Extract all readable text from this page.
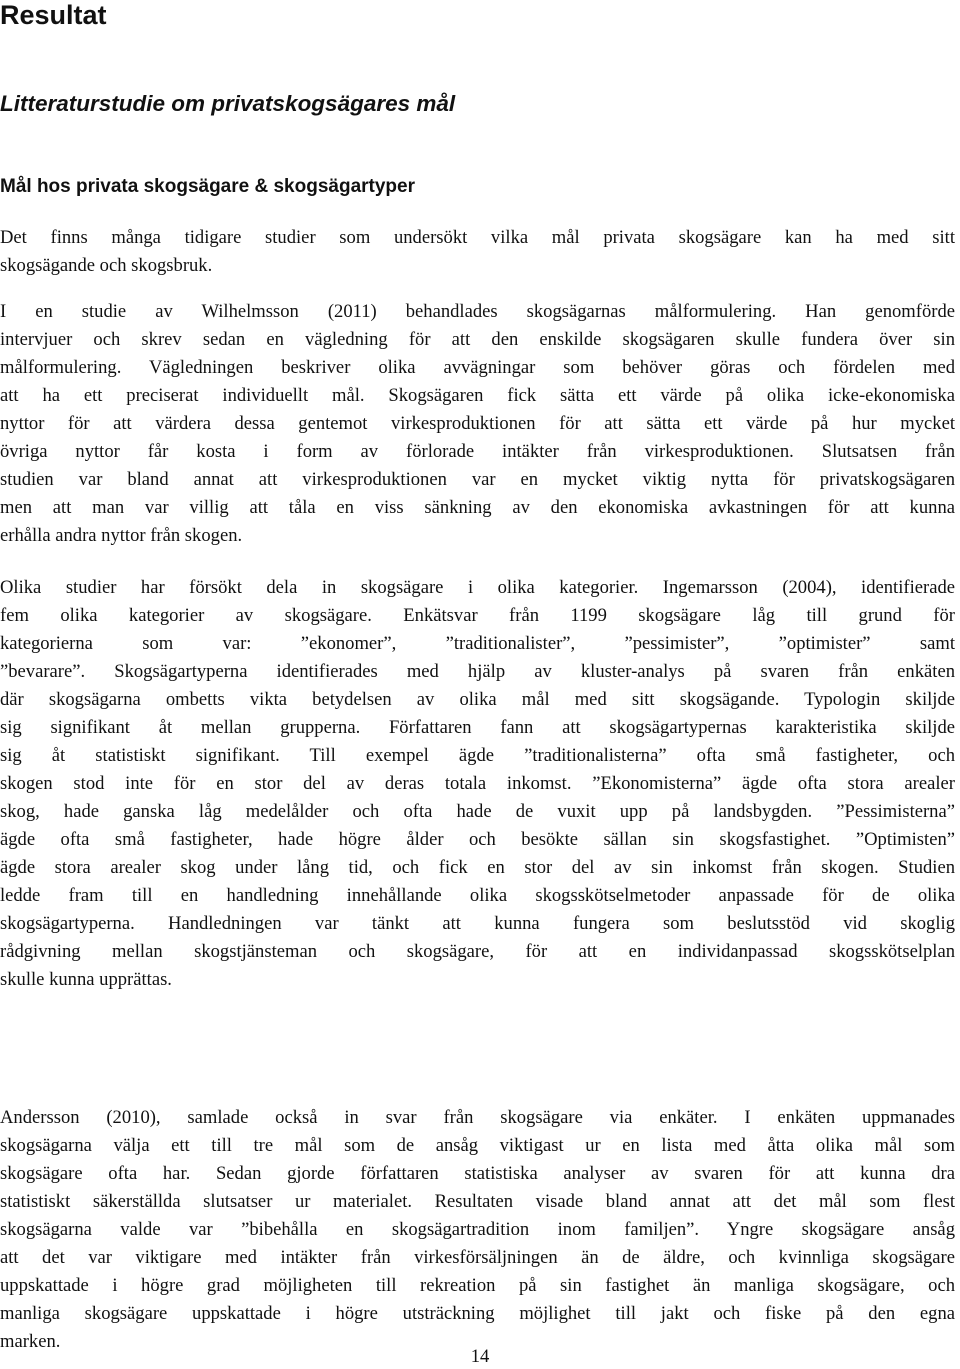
Resultat
Litteraturstudie om privatskogsägares mål
Mål hos privata skogsägare & skogsägartyper
Det finns många tidigare studier som undersökt vilka mål privata skogsägare kan ha med sitt
skogsägande och skogsbruk.
I en studie av Wilhelmsson (2011) behandlades skogsägarnas målformulering. Han genomförde
intervjuer och skrev sedan en vägledning för att den enskilde skogsägaren skulle fundera över sin
målformulering. Vägledningen beskriver olika avvägningar som behöver göras och fördelen med
att ha ett preciserat individuellt mål. Skogsägaren fick sätta ett värde på olika icke-ekonomiska
nyttor för att värdera dessa gentemot virkesproduktionen för att sätta ett värde på hur mycket
övriga nyttor får kosta i form av förlorade intäkter från virkesproduktionen. Slutsatsen från
studien var bland annat att virkesproduktionen var en mycket viktig nytta för privatskogsägaren
men att man var villig att tåla en viss sänkning av den ekonomiska avkastningen för att kunna
erhålla andra nyttor från skogen.
Olika studier har försökt dela in skogsägare i olika kategorier. Ingemarsson (2004), identifierade
fem olika kategorier av skogsägare. Enkätsvar från 1199 skogsägare låg till grund för
kategorierna som var: ”ekonomer”, ”traditionalister”, ”pessimister”, ”optimister” samt
”bevarare”. Skogsägartyperna identifierades med hjälp av kluster-analys på svaren från enkäten
där skogsägarna ombetts vikta betydelsen av olika mål med sitt skogsägande. Typologin skiljde
sig signifikant åt mellan grupperna. Författaren fann att skogsägartypernas karakteristika skiljde
sig åt statistiskt signifikant. Till exempel ägde ”traditionalisterna” ofta små fastigheter, och
skogen stod inte för en stor del av deras totala inkomst. ”Ekonomisterna” ägde ofta stora arealer
skog, hade ganska låg medelålder och ofta hade de vuxit upp på landsbygden. ”Pessimisterna”
ägde ofta små fastigheter, hade högre ålder och besökte sällan sin skogsfastighet. ”Optimisten”
ägde stora arealer skog under lång tid, och fick en stor del av sin inkomst från skogen. Studien
ledde fram till en handledning innehållande olika skogsskötselmetoder anpassade för de olika
skogsägartyperna. Handledningen var tänkt att kunna fungera som beslutsstöd vid skoglig
rådgivning mellan skogstjänsteman och skogsägare, för att en individanpassad skogsskötselplan
skulle kunna upprättas.
Andersson (2010), samlade också in svar från skogsägare via enkäter. I enkäten uppmanades
skogsägarna välja ett till tre mål som de ansåg viktigast ur en lista med åtta olika mål som
skogsägare ofta har. Sedan gjorde författaren statistiska analyser av svaren för att kunna dra
statistiskt säkerställda slutsatser ur materialet. Resultaten visade bland annat att det mål som flest
skogsägarna valde var ”bibehålla en skogsägartradition inom familjen”. Yngre skogsägare ansåg
att det var viktigare med intäkter från virkesförsäljningen än de äldre, och kvinnliga skogsägare
uppskattade i högre grad möjligheten till rekreation på sin fastighet än manliga skogsägare, och
manliga skogsägare uppskattade i högre utsträckning möjlighet till jakt och fiske på den egna
marken.
14
